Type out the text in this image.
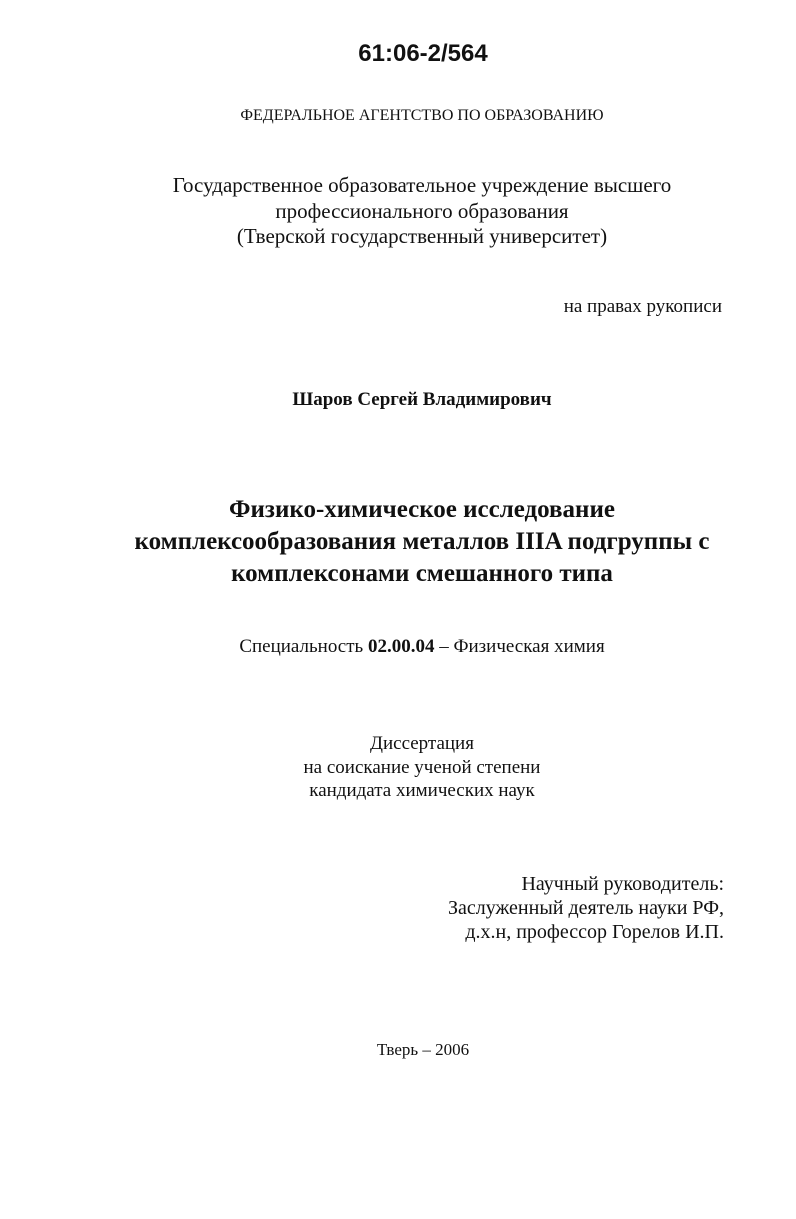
61:06-2/564
ФЕДЕРАЛЬНОЕ АГЕНТСТВО ПО ОБРАЗОВАНИЮ
Государственное образовательное учреждение высшего
профессионального образования
(Тверской государственный университет)
на правах рукописи
Шаров Сергей Владимирович
Физико-химическое исследование
комплексообразования металлов IIIA подгруппы с
комплексонами смешанного типа
Специальность 02.00.04 – Физическая химия
Диссертация
на соискание ученой степени
кандидата химических наук
Научный руководитель:
Заслуженный деятель науки РФ,
д.х.н, профессор Горелов И.П.
Тверь – 2006
